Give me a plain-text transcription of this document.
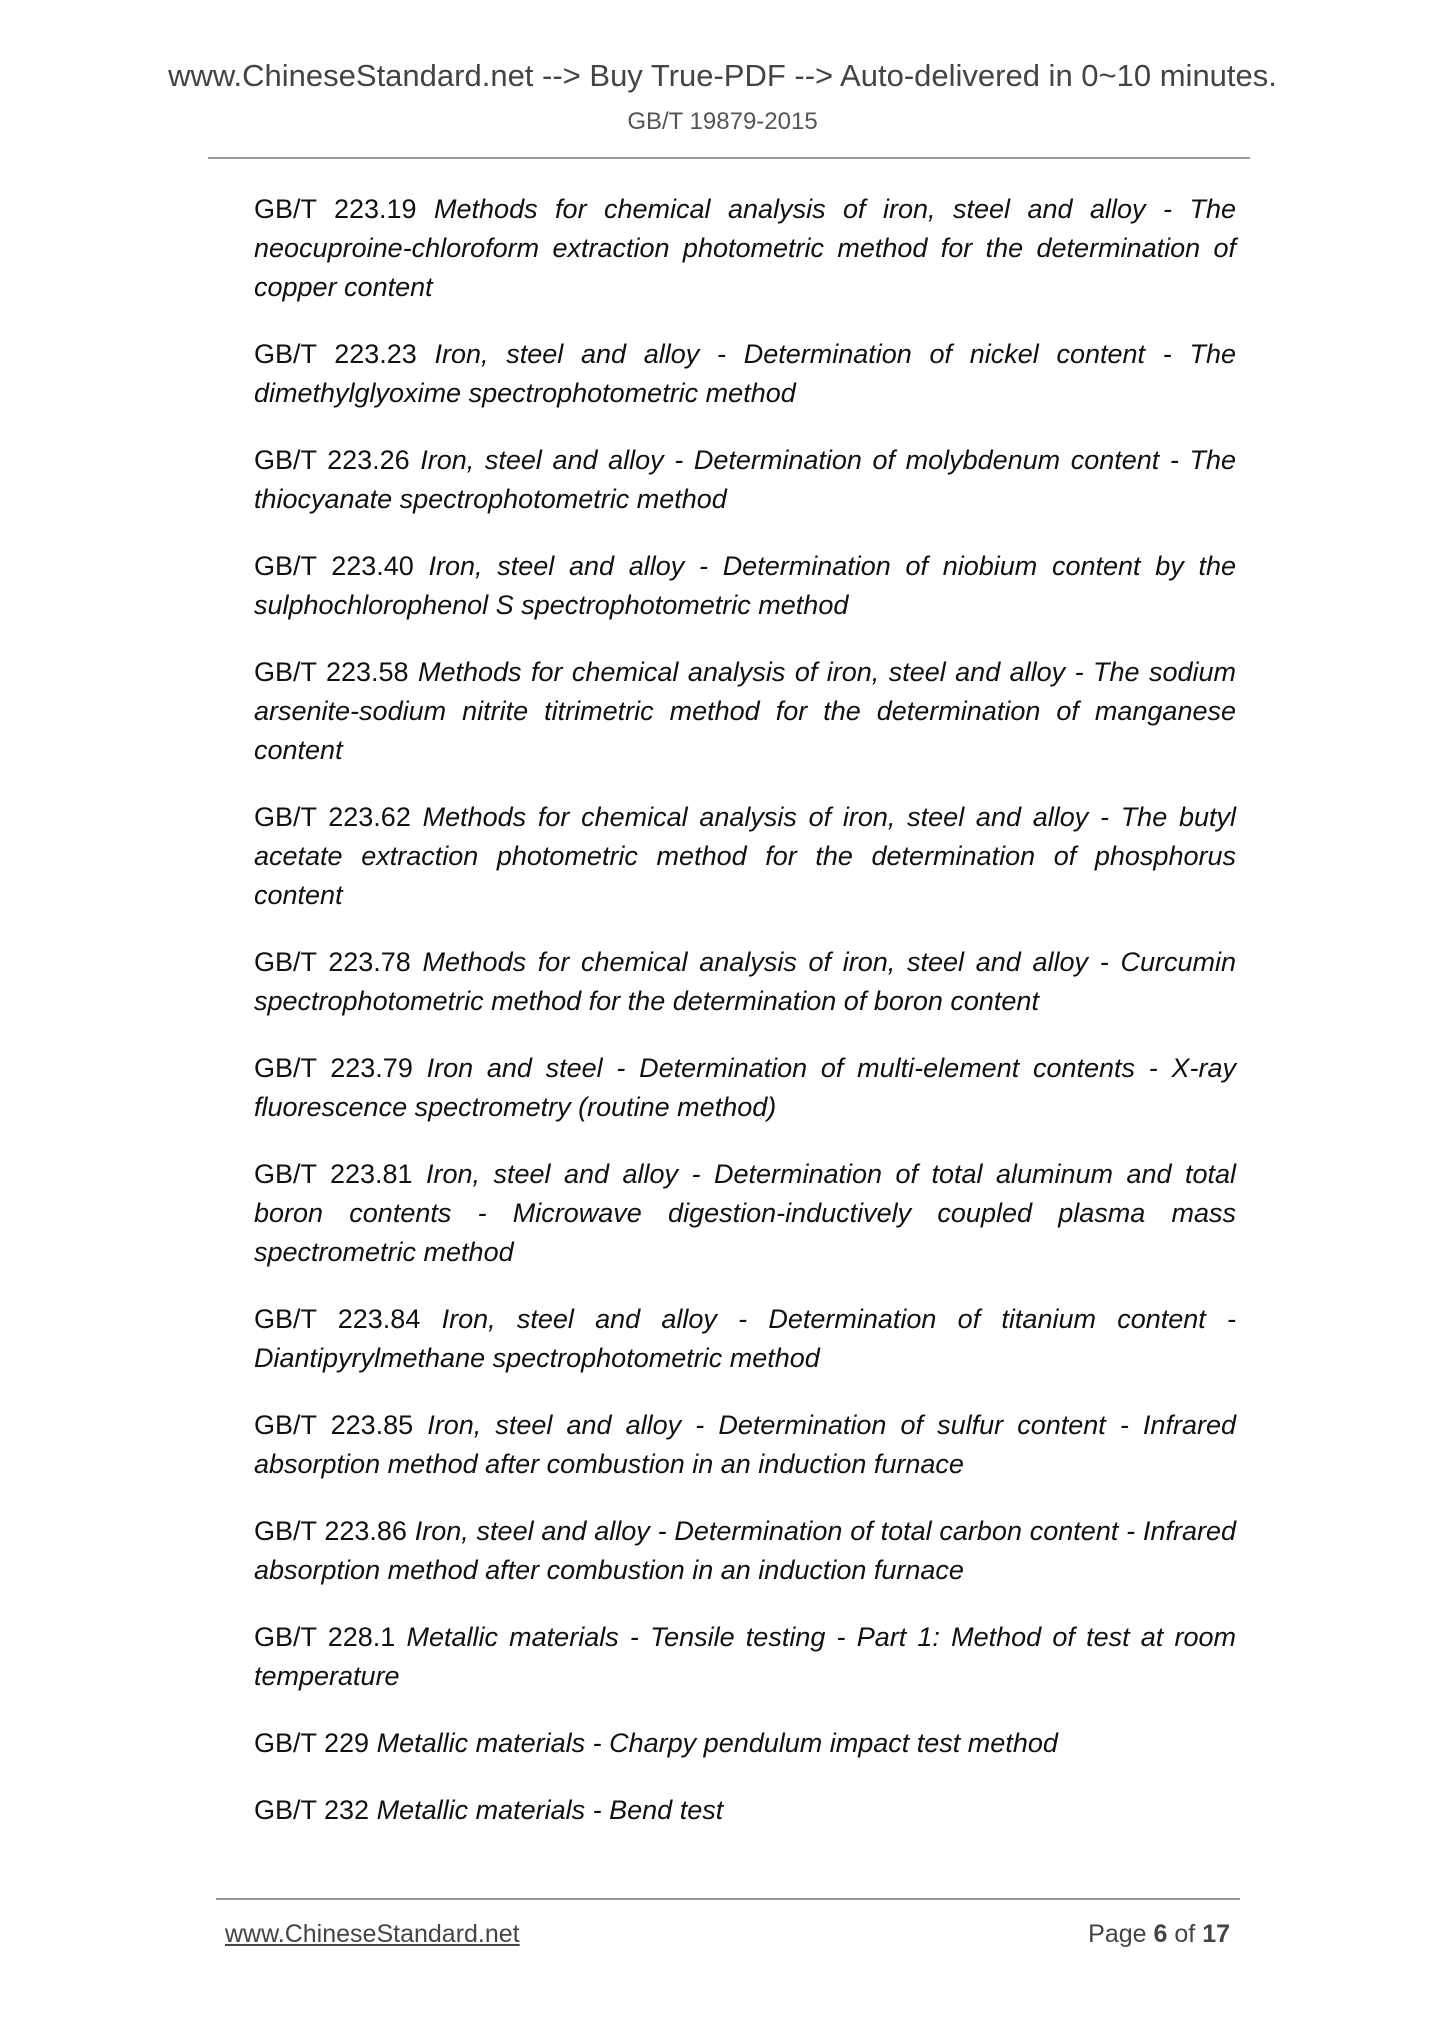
www.ChineseStandard.net --> Buy True-PDF --> Auto-delivered in 0~10 minutes.
GB/T 19879-2015

GB/T 223.19 Methods for chemical analysis of iron, steel and alloy - The neocuproine-chloroform extraction photometric method for the determination of copper content

GB/T 223.23 Iron, steel and alloy - Determination of nickel content - The dimethylglyoxime spectrophotometric method

GB/T 223.26 Iron, steel and alloy - Determination of molybdenum content - The thiocyanate spectrophotometric method

GB/T 223.40 Iron, steel and alloy - Determination of niobium content by the sulphochlorophenol S spectrophotometric method

GB/T 223.58 Methods for chemical analysis of iron, steel and alloy - The sodium arsenite-sodium nitrite titrimetric method for the determination of manganese content

GB/T 223.62 Methods for chemical analysis of iron, steel and alloy - The butyl acetate extraction photometric method for the determination of phosphorus content

GB/T 223.78 Methods for chemical analysis of iron, steel and alloy - Curcumin spectrophotometric method for the determination of boron content

GB/T 223.79 Iron and steel - Determination of multi-element contents - X-ray fluorescence spectrometry (routine method)

GB/T 223.81 Iron, steel and alloy - Determination of total aluminum and total boron contents - Microwave digestion-inductively coupled plasma mass spectrometric method

GB/T 223.84 Iron, steel and alloy - Determination of titanium content - Diantipyrylmethane spectrophotometric method

GB/T 223.85 Iron, steel and alloy - Determination of sulfur content - Infrared absorption method after combustion in an induction furnace

GB/T 223.86 Iron, steel and alloy - Determination of total carbon content - Infrared absorption method after combustion in an induction furnace

GB/T 228.1 Metallic materials - Tensile testing - Part 1: Method of test at room temperature

GB/T 229 Metallic materials - Charpy pendulum impact test method

GB/T 232 Metallic materials - Bend test

www.ChineseStandard.net	Page 6 of 17
